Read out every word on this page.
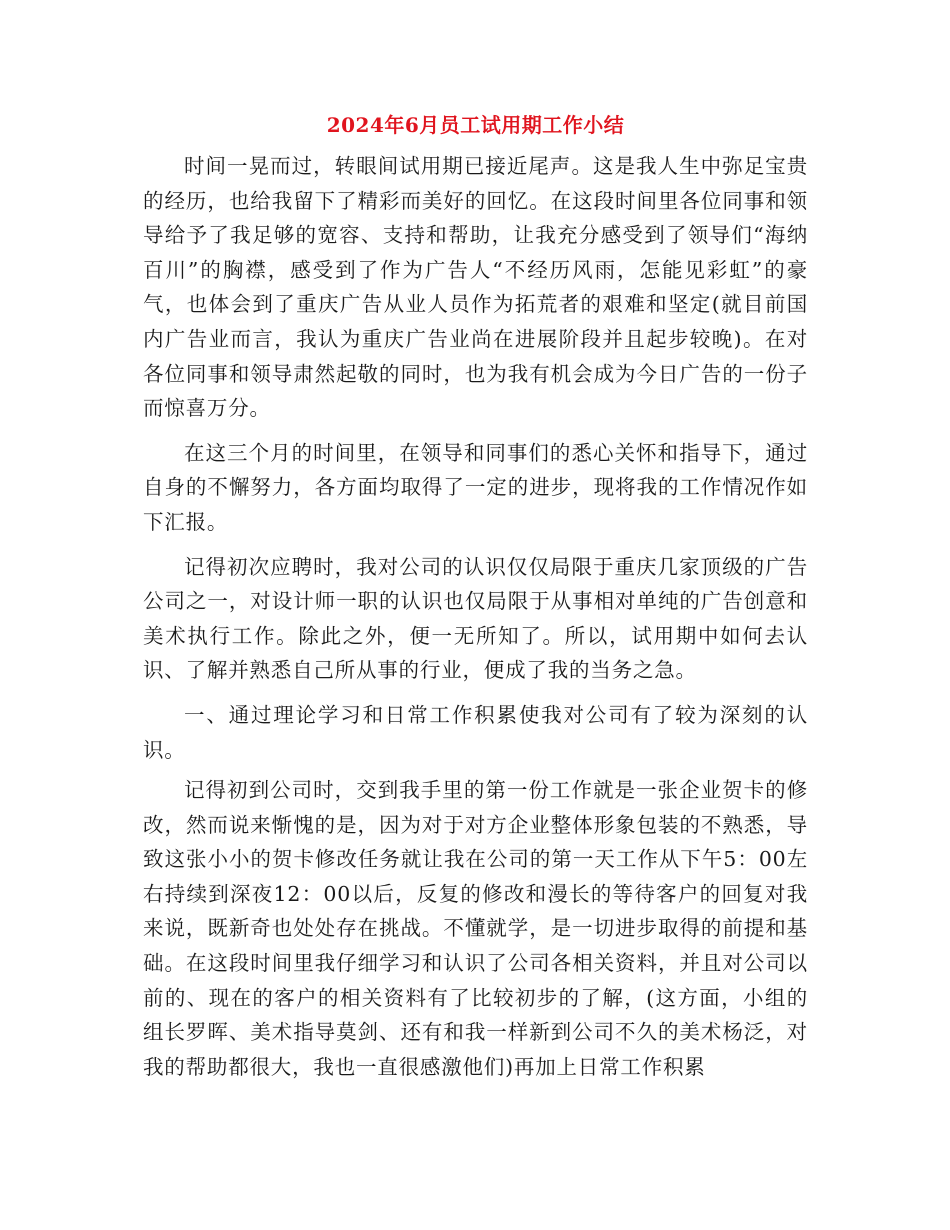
2024年6月员工试用期工作小结

时间一晃而过，转眼间试用期已接近尾声。这是我人生中弥足宝贵的经历，也给我留下了精彩而美好的回忆。在这段时间里各位同事和领导给予了我足够的宽容、支持和帮助，让我充分感受到了领导们“海纳百川”的胸襟，感受到了作为广告人“不经历风雨，怎能见彩虹”的豪气，也体会到了重庆广告从业人员作为拓荒者的艰难和坚定(就目前国内广告业而言，我认为重庆广告业尚在进展阶段并且起步较晚)。在对各位同事和领导肃然起敬的同时，也为我有机会成为今日广告的一份子而惊喜万分。

在这三个月的时间里，在领导和同事们的悉心关怀和指导下，通过自身的不懈努力，各方面均取得了一定的进步，现将我的工作情况作如下汇报。

记得初次应聘时，我对公司的认识仅仅局限于重庆几家顶级的广告公司之一，对设计师一职的认识也仅局限于从事相对单纯的广告创意和美术执行工作。除此之外，便一无所知了。所以，试用期中如何去认识、了解并熟悉自己所从事的行业，便成了我的当务之急。

一、通过理论学习和日常工作积累使我对公司有了较为深刻的认识。

记得初到公司时，交到我手里的第一份工作就是一张企业贺卡的修改，然而说来惭愧的是，因为对于对方企业整体形象包装的不熟悉，导致这张小小的贺卡修改任务就让我在公司的第一天工作从下午5：00左右持续到深夜12：00以后，反复的修改和漫长的等待客户的回复对我来说，既新奇也处处存在挑战。不懂就学，是一切进步取得的前提和基础。在这段时间里我仔细学习和认识了公司各相关资料，并且对公司以前的、现在的客户的相关资料有了比较初步的了解，(这方面，小组的组长罗晖、美术指导莫剑、还有和我一样新到公司不久的美术杨泛，对我的帮助都很大，我也一直很感激他们)再加上日常工作积累
